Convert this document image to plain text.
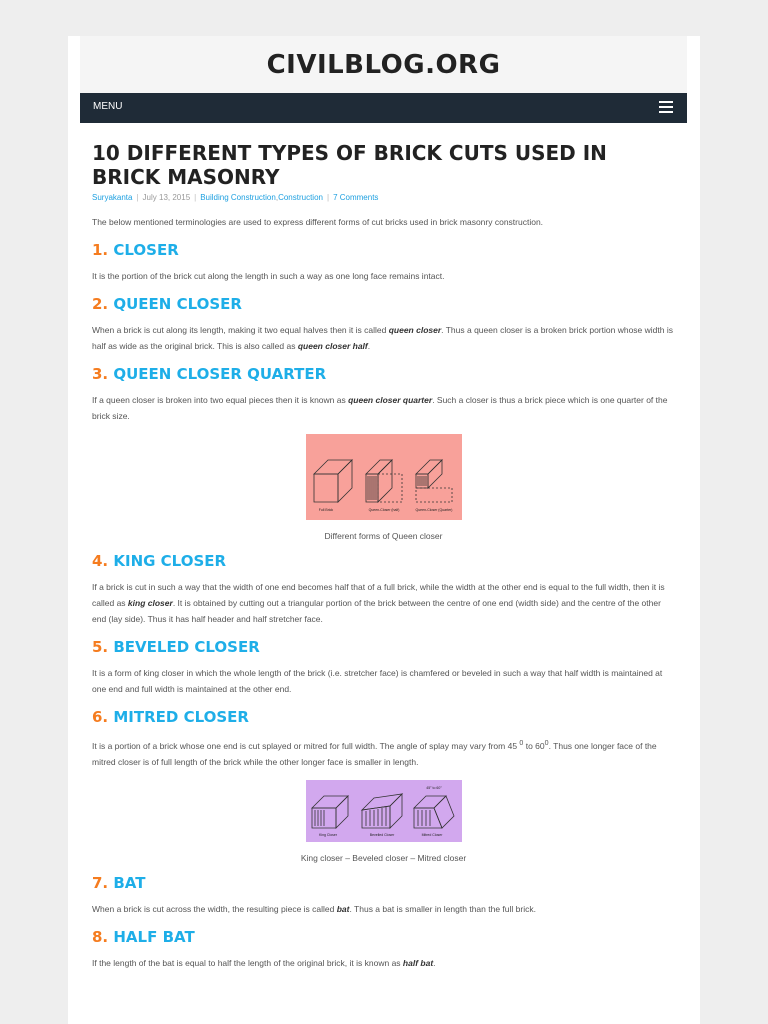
CIVILBLOG.ORG
MENU
10 DIFFERENT TYPES OF BRICK CUTS USED IN BRICK MASONRY
Suryakanta | July 13, 2015 | Building Construction,Construction | 7 Comments

The below mentioned terminologies are used to express different forms of cut bricks used in brick masonry construction.

1. CLOSER

It is the portion of the brick cut along the length in such a way as one long face remains intact.

2. QUEEN CLOSER

When a brick is cut along its length, making it two equal halves then it is called queen closer. Thus a queen closer is a broken brick portion whose width is half as wide as the original brick. This is also called as queen closer half.

3. QUEEN CLOSER QUARTER

If a queen closer is broken into two equal pieces then it is known as queen closer quarter. Such a closer is thus a brick piece which is one quarter of the brick size.

Full Brick	Queen-Closer (half)	Queen-Closer (Quarter)
Different forms of Queen closer
4. KING CLOSER

If a brick is cut in such a way that the width of one end becomes half that of a full brick, while the width at the other end is equal to the full width, then it is called as king closer. It is obtained by cutting out a triangular portion of the brick between the centre of one end (width side) and the centre of the other end (lay side). Thus it has half header and half stretcher face.

5. BEVELED CLOSER

It is a form of king closer in which the whole length of the brick (i.e. stretcher face) is chamfered or beveled in such a way that half width is maintained at one end and full width is maintained at the other end.

6. MITRED CLOSER

It is a portion of a brick whose one end is cut splayed or mitred for full width. The angle of splay may vary from 45 $^0$ to $60^0$. Thus one longer face of the mitred closer is of full length of the brick while the other longer face is smaller in length.

45° to 60°
King Closer	Bevelled Closer	Mitred Closer
King closer – Beveled closer – Mitred closer
7. BAT

When a brick is cut across the width, the resulting piece is called bat. Thus a bat is smaller in length than the full brick.

8. HALF BAT

If the length of the bat is equal to half the length of the original brick, it is known as half bat.
